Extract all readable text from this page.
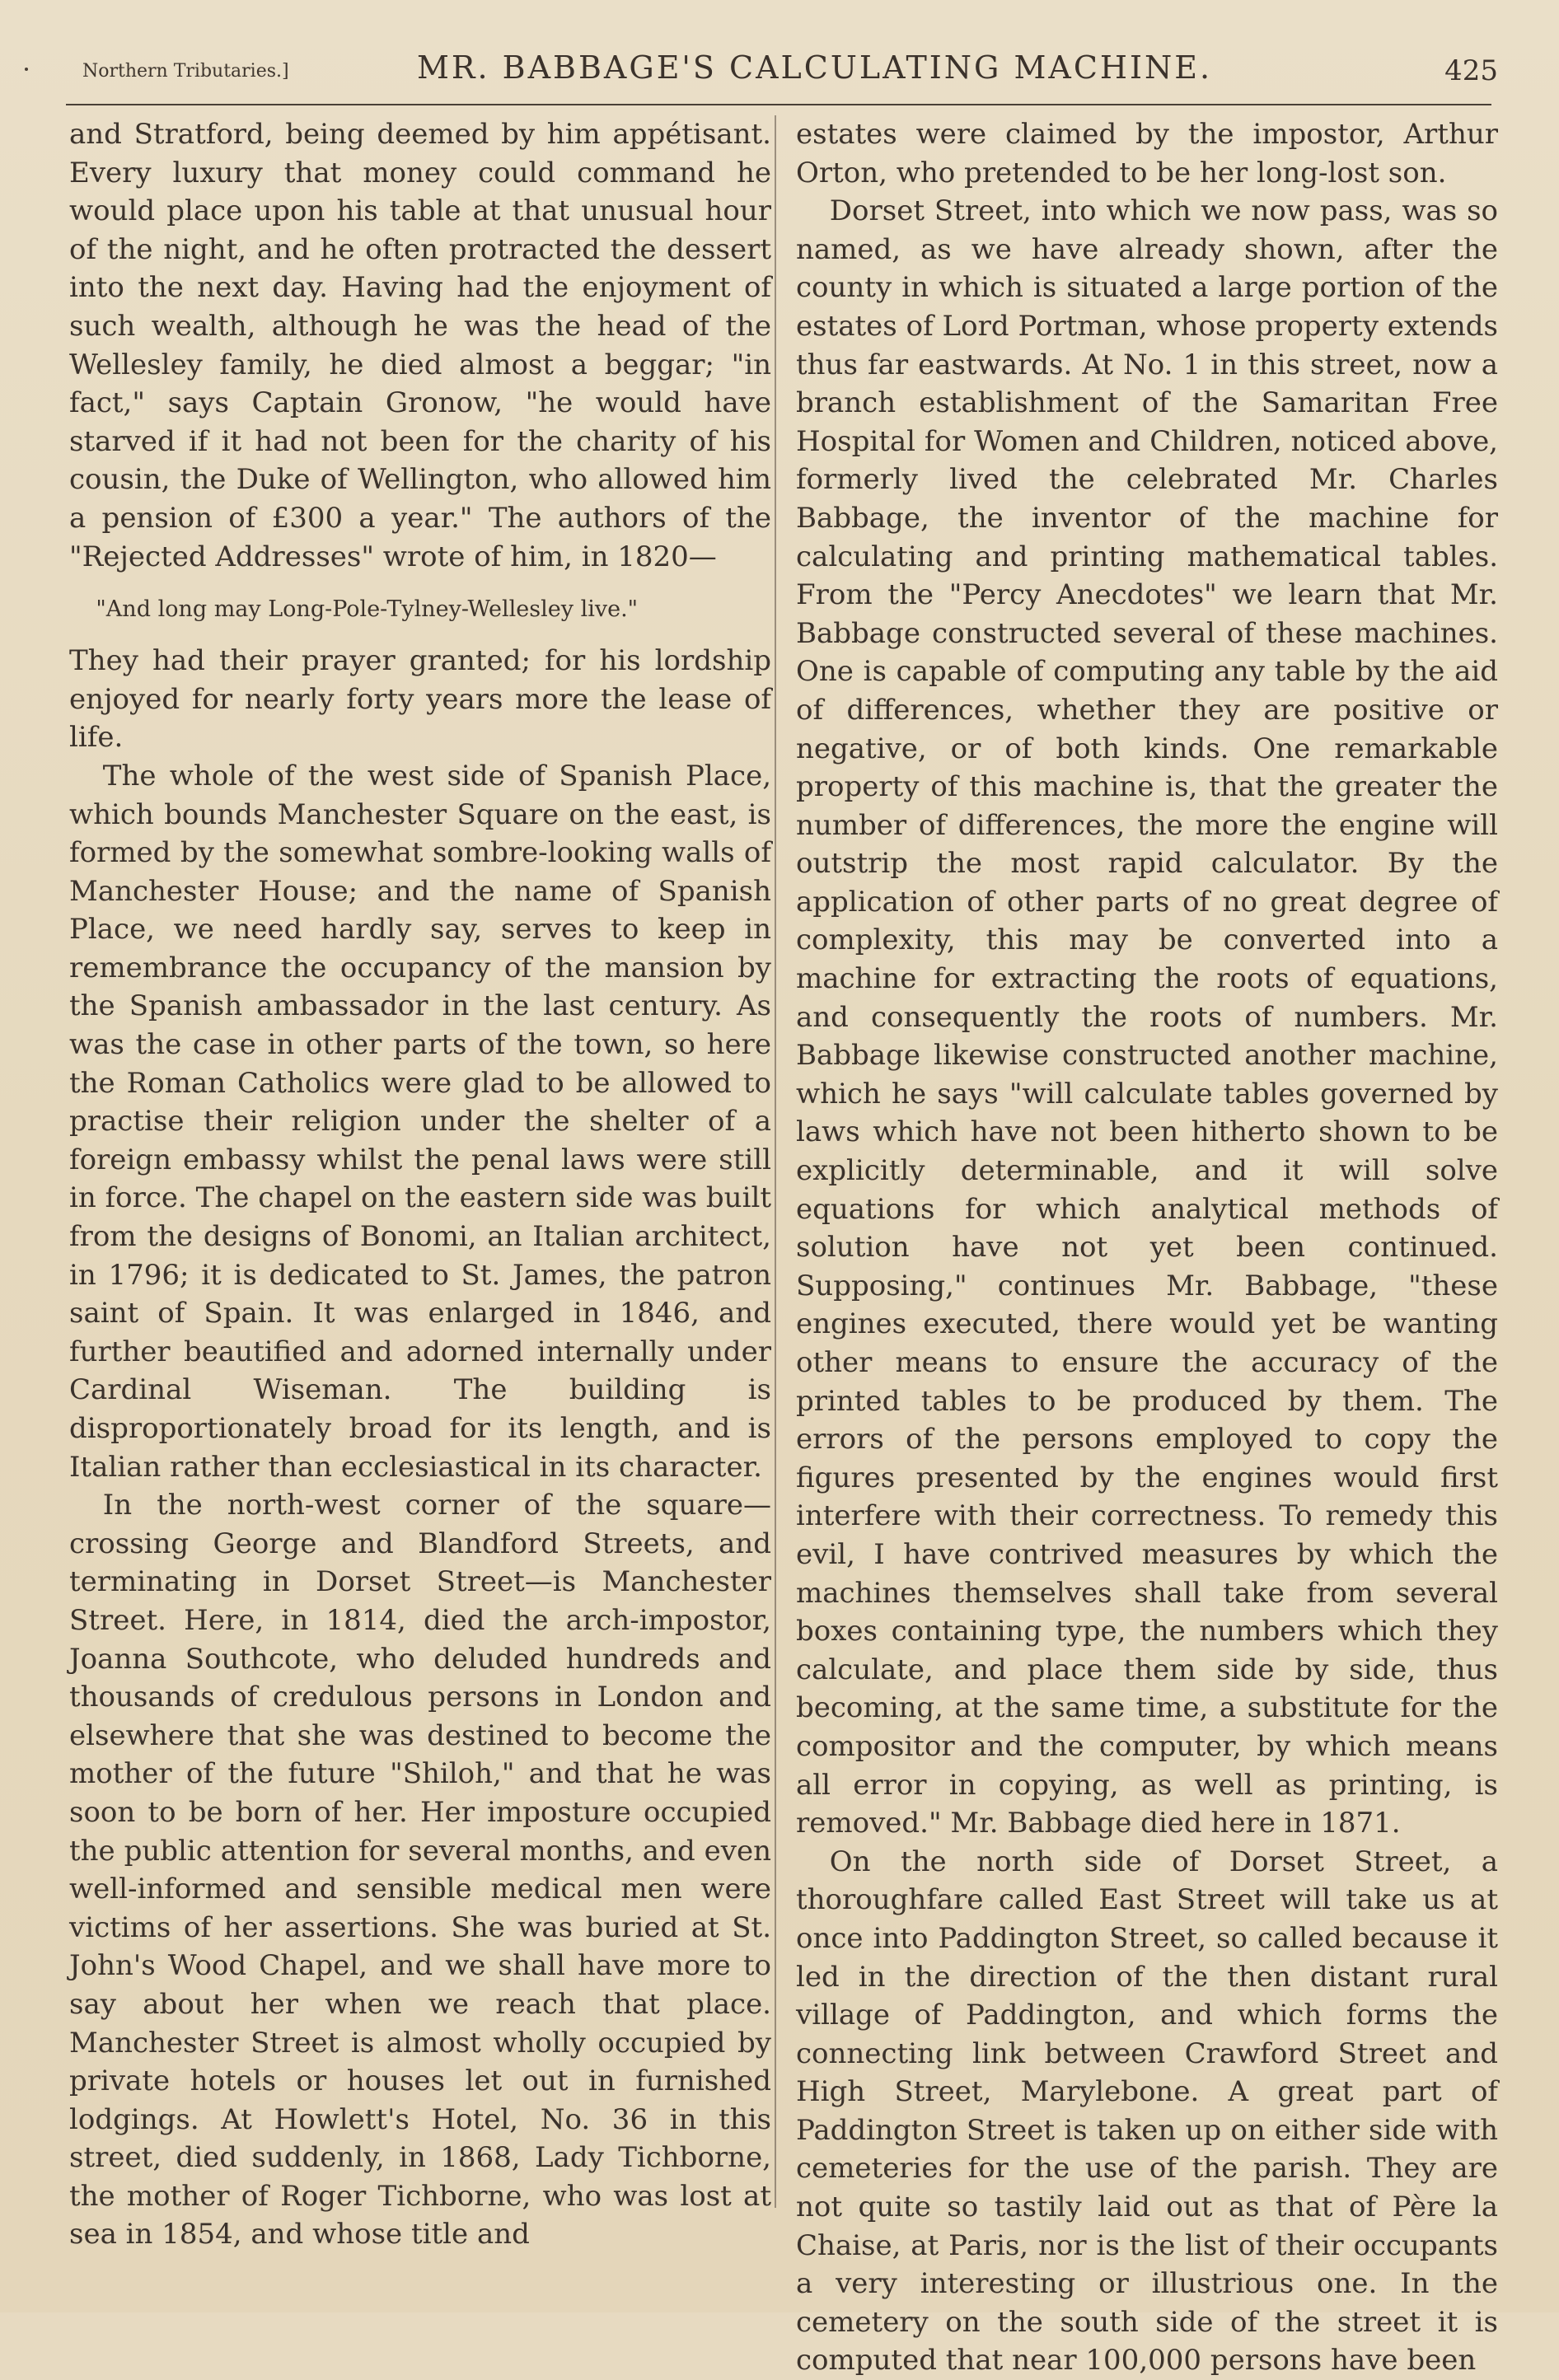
Northern Tributaries.]	MR. BABBAGE'S CALCULATING MACHINE.	425

and Stratford, being deemed by him appétisant. Every luxury that money could command he would place upon his table at that unusual hour of the night, and he often protracted the dessert into the next day. Having had the enjoyment of such wealth, although he was the head of the Wellesley family, he died almost a beggar; "in fact," says Captain Gronow, "he would have starved if it had not been for the charity of his cousin, the Duke of Wellington, who allowed him a pension of £300 a year." The authors of the "Rejected Addresses" wrote of him, in 1820—

"And long may Long-Pole-Tylney-Wellesley live."

They had their prayer granted; for his lordship enjoyed for nearly forty years more the lease of life.

The whole of the west side of Spanish Place, which bounds Manchester Square on the east, is formed by the somewhat sombre-looking walls of Manchester House; and the name of Spanish Place, we need hardly say, serves to keep in remembrance the occupancy of the mansion by the Spanish ambassador in the last century. As was the case in other parts of the town, so here the Roman Catholics were glad to be allowed to practise their religion under the shelter of a foreign embassy whilst the penal laws were still in force. The chapel on the eastern side was built from the designs of Bonomi, an Italian architect, in 1796; it is dedicated to St. James, the patron saint of Spain. It was enlarged in 1846, and further beautified and adorned internally under Cardinal Wiseman. The building is disproportionately broad for its length, and is Italian rather than ecclesiastical in its character.

In the north-west corner of the square—crossing George and Blandford Streets, and terminating in Dorset Street—is Manchester Street. Here, in 1814, died the arch-impostor, Joanna Southcote, who deluded hundreds and thousands of credulous persons in London and elsewhere that she was destined to become the mother of the future "Shiloh," and that he was soon to be born of her. Her imposture occupied the public attention for several months, and even well-informed and sensible medical men were victims of her assertions. She was buried at St. John's Wood Chapel, and we shall have more to say about her when we reach that place. Manchester Street is almost wholly occupied by private hotels or houses let out in furnished lodgings. At Howlett's Hotel, No. 36 in this street, died suddenly, in 1868, Lady Tichborne, the mother of Roger Tichborne, who was lost at sea in 1854, and whose title and

estates were claimed by the impostor, Arthur Orton, who pretended to be her long-lost son.

Dorset Street, into which we now pass, was so named, as we have already shown, after the county in which is situated a large portion of the estates of Lord Portman, whose property extends thus far eastwards. At No. 1 in this street, now a branch establishment of the Samaritan Free Hospital for Women and Children, noticed above, formerly lived the celebrated Mr. Charles Babbage, the inventor of the machine for calculating and printing mathematical tables. From the "Percy Anecdotes" we learn that Mr. Babbage constructed several of these machines. One is capable of computing any table by the aid of differences, whether they are positive or negative, or of both kinds. One remarkable property of this machine is, that the greater the number of differences, the more the engine will outstrip the most rapid calculator. By the application of other parts of no great degree of complexity, this may be converted into a machine for extracting the roots of equations, and consequently the roots of numbers. Mr. Babbage likewise constructed another machine, which he says "will calculate tables governed by laws which have not been hitherto shown to be explicitly determinable, and it will solve equations for which analytical methods of solution have not yet been continued. Supposing," continues Mr. Babbage, "these engines executed, there would yet be wanting other means to ensure the accuracy of the printed tables to be produced by them. The errors of the persons employed to copy the figures presented by the engines would first interfere with their correctness. To remedy this evil, I have contrived measures by which the machines themselves shall take from several boxes containing type, the numbers which they calculate, and place them side by side, thus becoming, at the same time, a substitute for the compositor and the computer, by which means all error in copying, as well as printing, is removed." Mr. Babbage died here in 1871.

On the north side of Dorset Street, a thoroughfare called East Street will take us at once into Paddington Street, so called because it led in the direction of the then distant rural village of Paddington, and which forms the connecting link between Crawford Street and High Street, Marylebone. A great part of Paddington Street is taken up on either side with cemeteries for the use of the parish. They are not quite so tastily laid out as that of Père la Chaise, at Paris, nor is the list of their occupants a very interesting or illustrious one. In the cemetery on the south side of the street it is computed that near 100,000 persons have been
